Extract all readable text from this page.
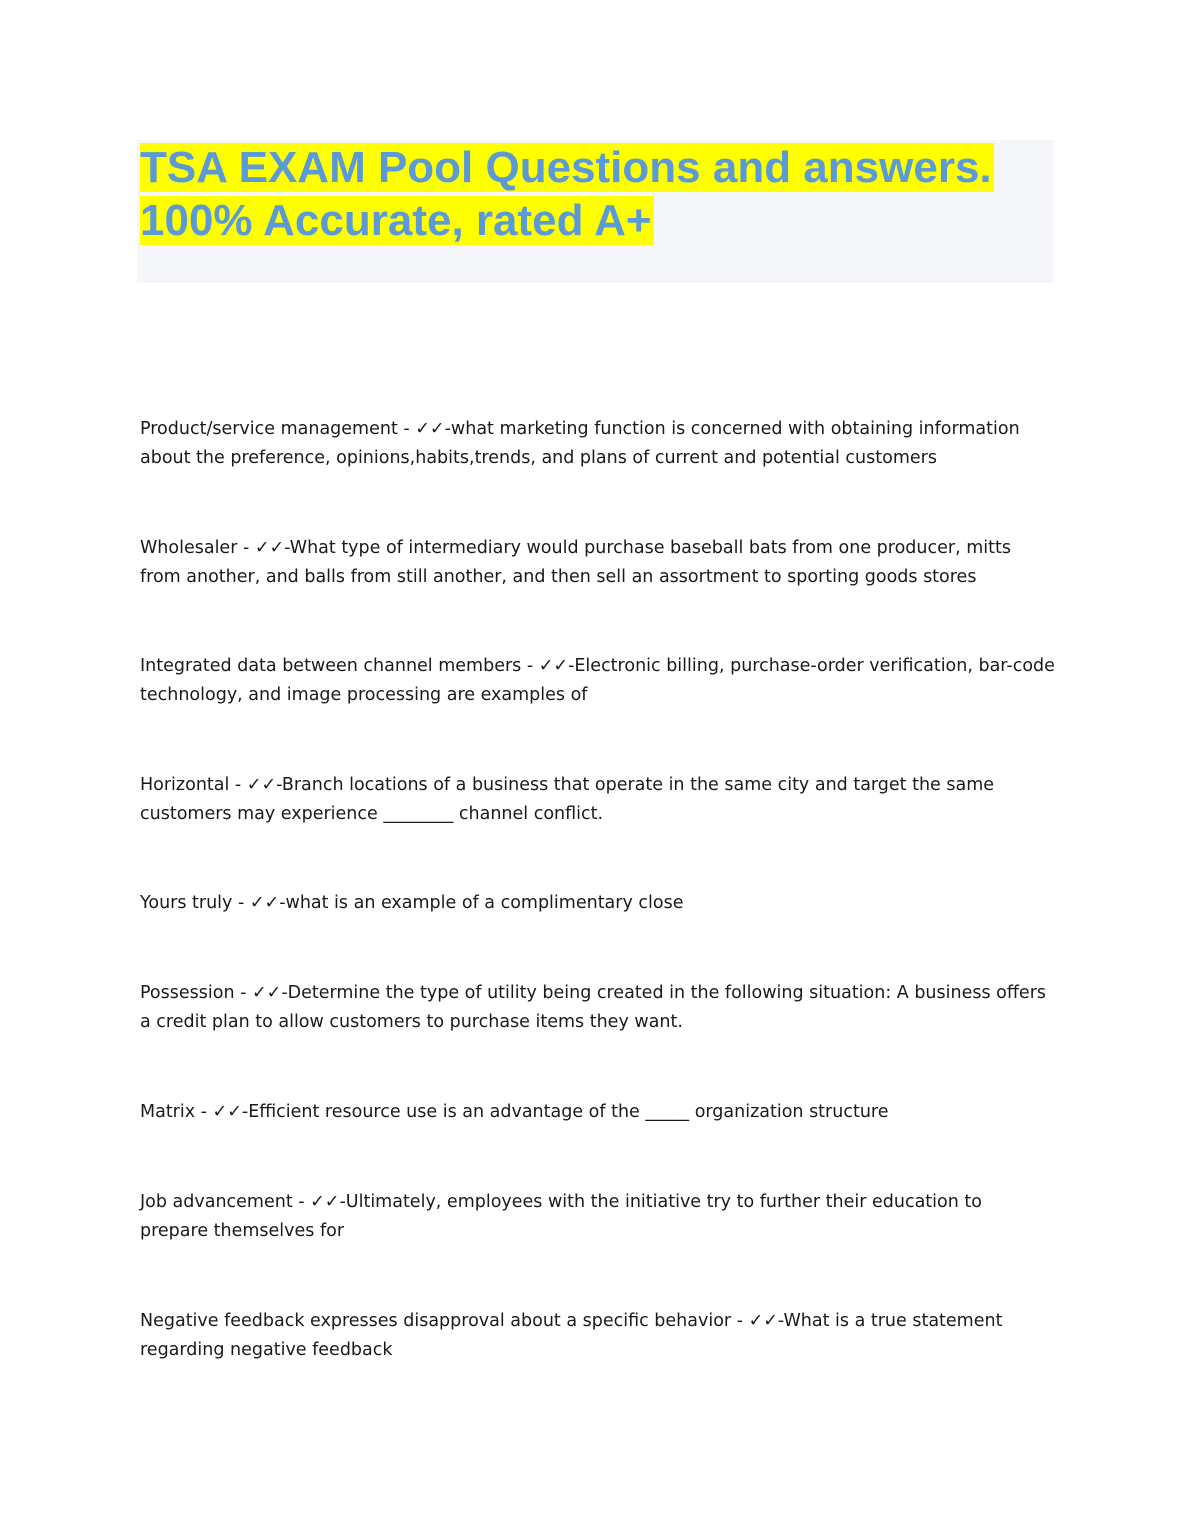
TSA EXAM Pool Questions and answers.
100% Accurate, rated A+

Product/service management - ✓✓-what marketing function is concerned with obtaining information about the preference, opinions,habits,trends, and plans of current and potential customers

Wholesaler - ✓✓-What type of intermediary would purchase baseball bats from one producer, mitts from another, and balls from still another, and then sell an assortment to sporting goods stores

Integrated data between channel members - ✓✓-Electronic billing, purchase-order verification, bar-code technology, and image processing are examples of

Horizontal - ✓✓-Branch locations of a business that operate in the same city and target the same customers may experience ________ channel conflict.

Yours truly - ✓✓-what is an example of a complimentary close

Possession - ✓✓-Determine the type of utility being created in the following situation: A business offers a credit plan to allow customers to purchase items they want.

Matrix - ✓✓-Efficient resource use is an advantage of the _____ organization structure

Job advancement - ✓✓-Ultimately, employees with the initiative try to further their education to prepare themselves for

Negative feedback expresses disapproval about a specific behavior - ✓✓-What is a true statement regarding negative feedback
